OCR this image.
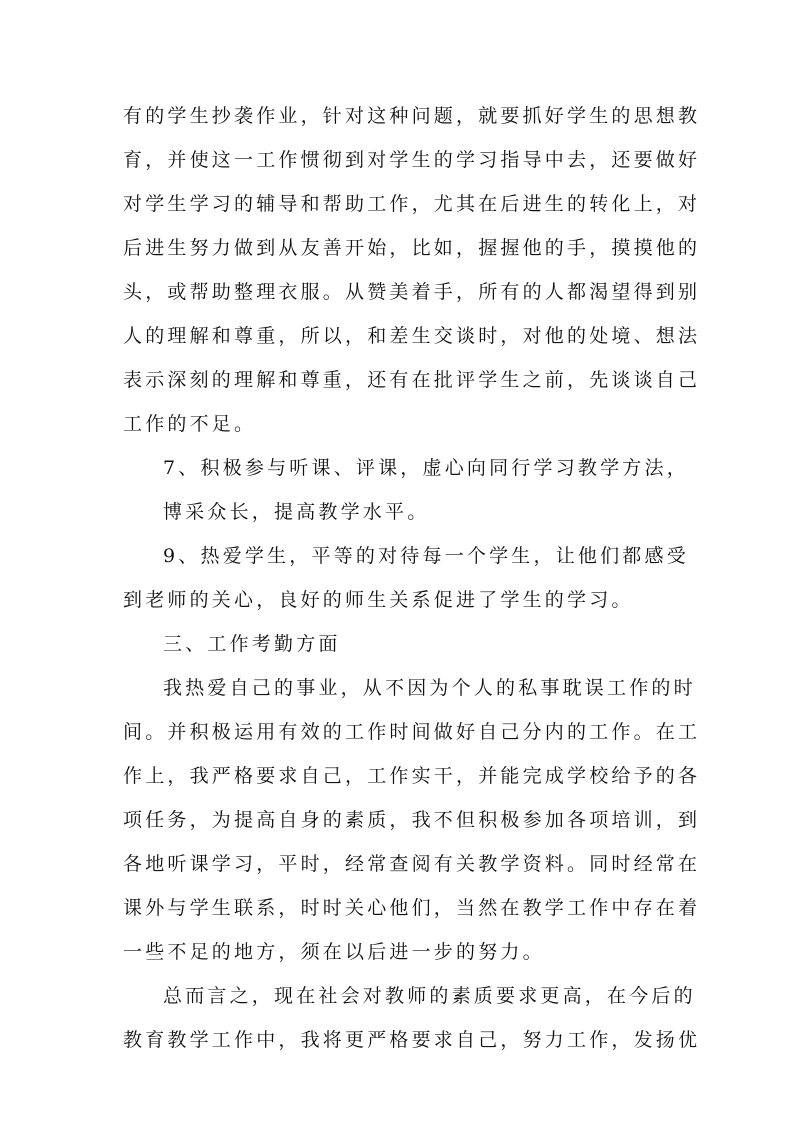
有的学生抄袭作业，针对这种问题，就要抓好学生的思想教
育，并使这一工作惯彻到对学生的学习指导中去，还要做好
对学生学习的辅导和帮助工作，尤其在后进生的转化上，对
后进生努力做到从友善开始，比如，握握他的手，摸摸他的
头，或帮助整理衣服。从赞美着手，所有的人都渴望得到别
人的理解和尊重，所以，和差生交谈时，对他的处境、想法
表示深刻的理解和尊重，还有在批评学生之前，先谈谈自己
工作的不足。
7、积极参与听课、评课，虚心向同行学习教学方法，
博采众长，提高教学水平。
9、热爱学生，平等的对待每一个学生，让他们都感受
到老师的关心，良好的师生关系促进了学生的学习。
三、工作考勤方面
我热爱自己的事业，从不因为个人的私事耽误工作的时
间。并积极运用有效的工作时间做好自己分内的工作。在工
作上，我严格要求自己，工作实干，并能完成学校给予的各
项任务，为提高自身的素质，我不但积极参加各项培训，到
各地听课学习，平时，经常查阅有关教学资料。同时经常在
课外与学生联系，时时关心他们，当然在教学工作中存在着
一些不足的地方，须在以后进一步的努力。
总而言之，现在社会对教师的素质要求更高，在今后的
教育教学工作中，我将更严格要求自己，努力工作，发扬优
